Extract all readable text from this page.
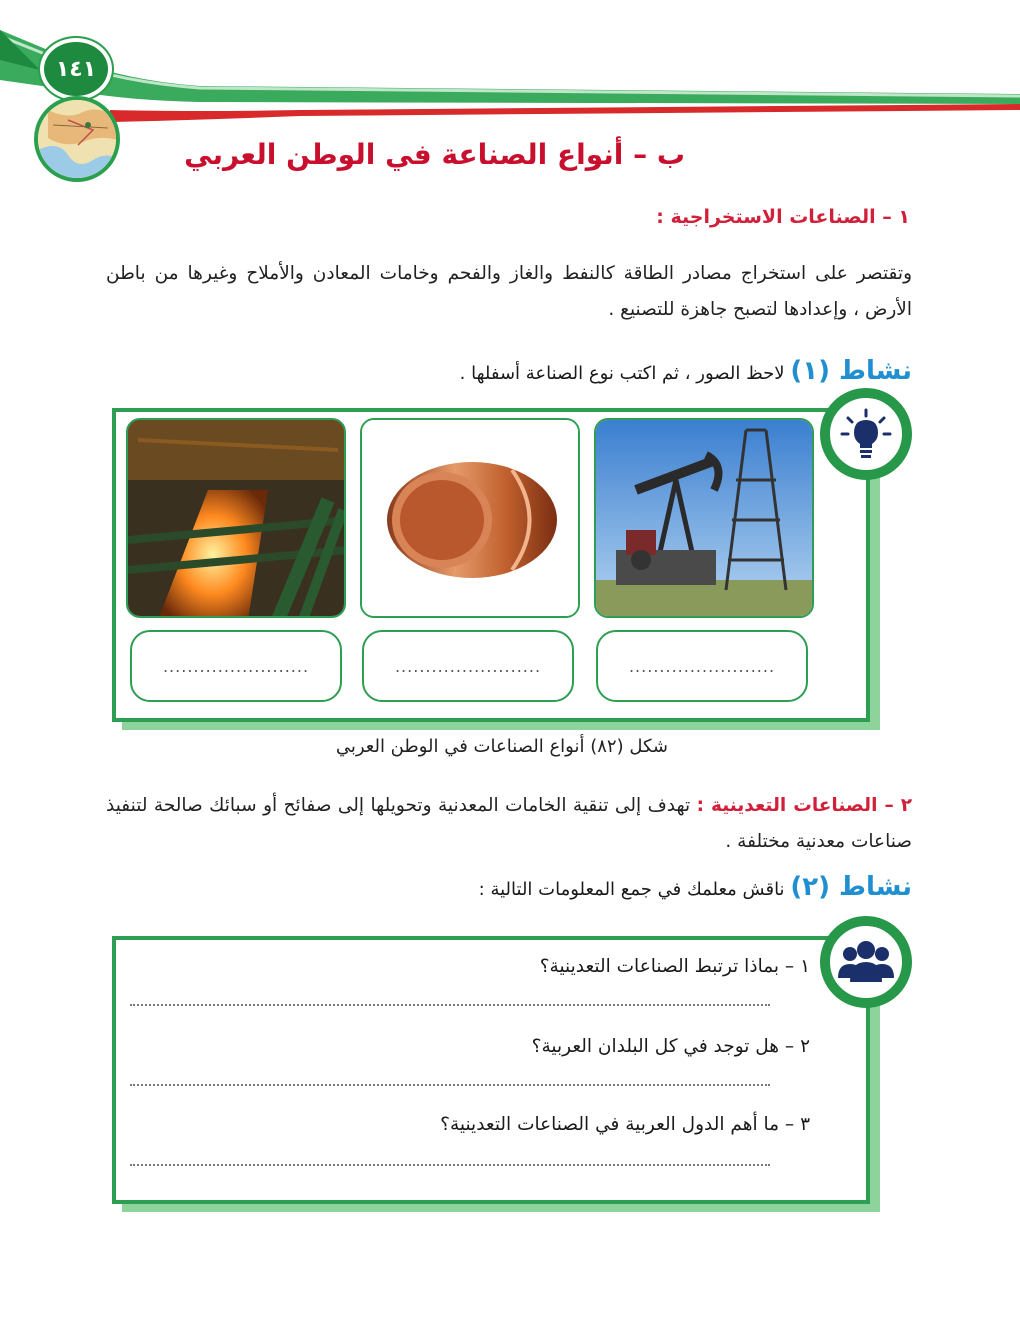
١٤١
ب – أنواع الصناعة في الوطن العربي
١ – الصناعات الاستخراجية :
وتقتصر على استخراج مصادر الطاقة كالنفط والغاز والفحم وخامات المعادن والأملاح وغيرها من باطن الأرض ، وإعدادها لتصبح جاهزة للتصنيع .
نشاط (١) لاحظ الصور ، ثم اكتب نوع الصناعة أسفلها .
........................
........................
........................
شكل (٨٢) أنواع الصناعات في الوطن العربي
٢ – الصناعات التعدينية : تهدف إلى تنقية الخامات المعدنية وتحويلها إلى صفائح أو سبائك صالحة لتنفيذ صناعات معدنية مختلفة .
نشاط (٢) ناقش معلمك في جمع المعلومات التالية :
١ – بماذا ترتبط الصناعات التعدينية؟
٢ – هل توجد في كل البلدان العربية؟
٣ – ما أهم الدول العربية في الصناعات التعدينية؟
